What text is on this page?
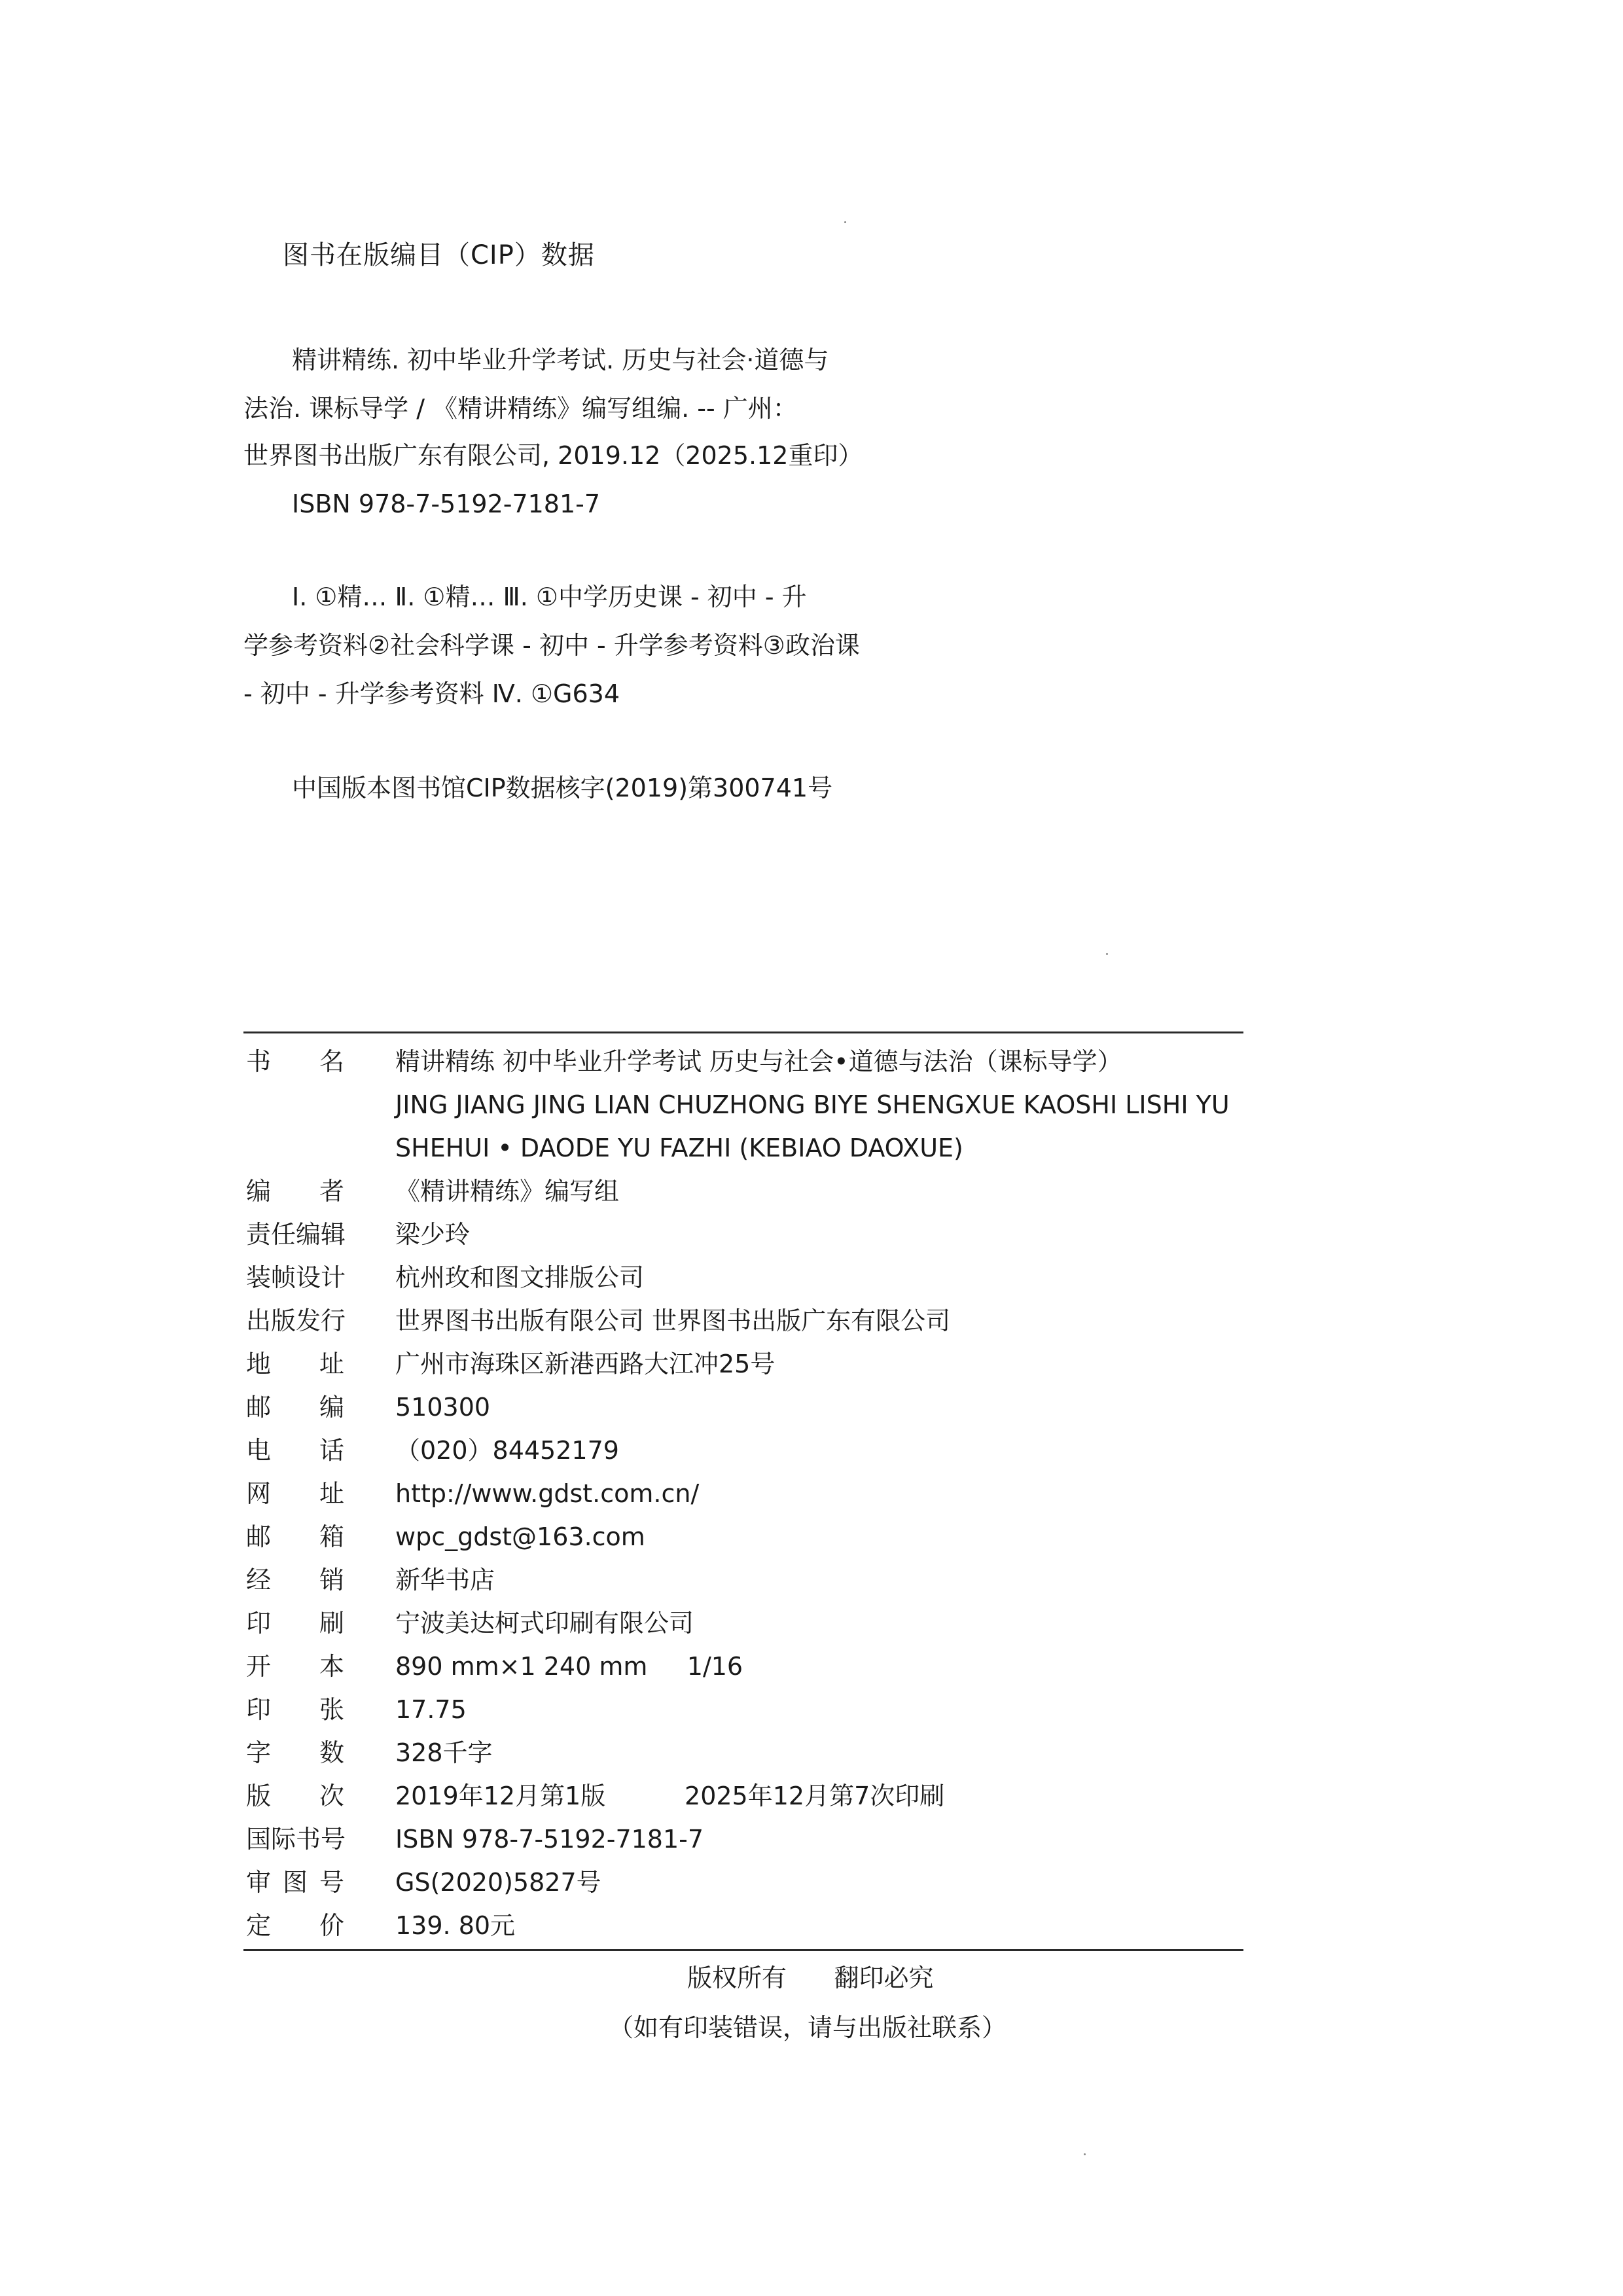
图书在版编目（CIP）数据
精讲精练. 初中毕业升学考试. 历史与社会·道德与
法治. 课标导学 / 《精讲精练》编写组编. -- 广州：
世界图书出版广东有限公司, 2019.12（2025.12重印）
ISBN 978-7-5192-7181-7
Ⅰ. ①精… Ⅱ. ①精… Ⅲ. ①中学历史课 - 初中 - 升
学参考资料②社会科学课 - 初中 - 升学参考资料③政治课
- 初中 - 升学参考资料 Ⅳ. ①G634
中国版本图书馆CIP数据核字(2019)第300741号
书 名 精讲精练 初中毕业升学考试 历史与社会•道德与法治（课标导学）
JING JIANG JING LIAN CHUZHONG BIYE SHENGXUE KAOSHI LISHI YU
SHEHUI • DAODE YU FAZHI (KEBIAO DAOXUE)
编 者 《精讲精练》编写组
责任编辑 梁少玲
装帧设计 杭州玫和图文排版公司
出版发行 世界图书出版有限公司 世界图书出版广东有限公司
地 址 广州市海珠区新港西路大江冲25号
邮 编 510300
电 话 （020）84452179
网 址 http://www.gdst.com.cn/
邮 箱 wpc_gdst@163.com
经 销 新华书店
印 刷 宁波美达柯式印刷有限公司
开 本 890 mm×1 240 mm     1/16
印 张 17.75
字 数 328千字
版 次 2019年12月第1版          2025年12月第7次印刷
国际书号 ISBN 978-7-5192-7181-7
审 图 号 GS(2020)5827号
定 价 139. 80元
版权所有      翻印必究
（如有印装错误，请与出版社联系）
